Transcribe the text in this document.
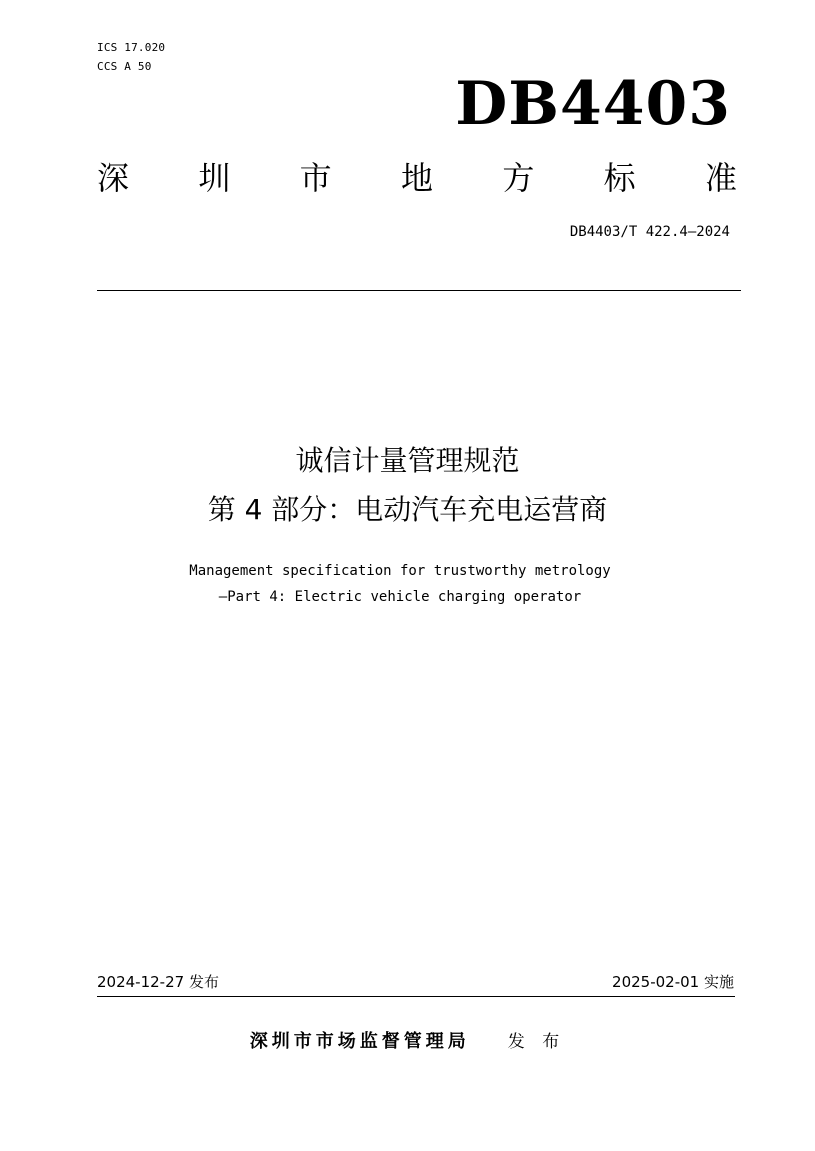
ICS 17.020
CCS A 50
DB4403
深 圳 市 地 方 标 准
DB4403/T 422.4—2024
诚信计量管理规范
第 4 部分：电动汽车充电运营商
Management specification for trustworthy metrology
—Part 4: Electric vehicle charging operator
2024-12-27 发布	2025-02-01 实施
深圳市市场监督管理局 发 布
